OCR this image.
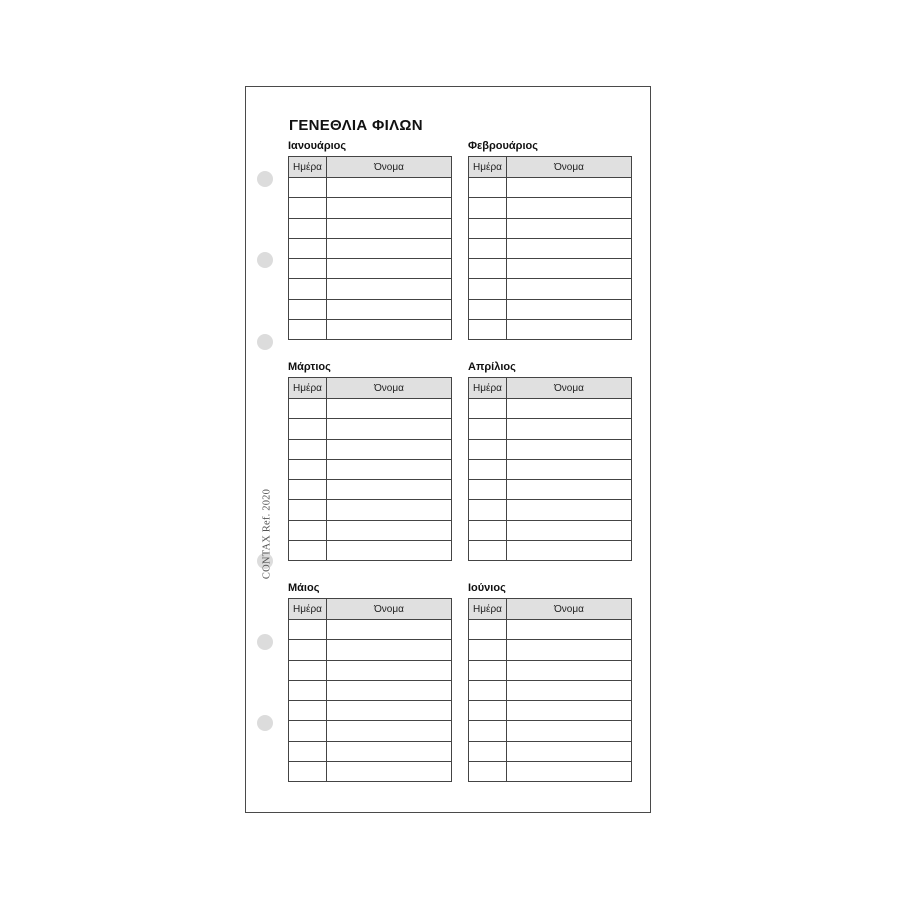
CONTAX Ref. 2020
ΓΕΝΕΘΛΙΑ ΦΙΛΩΝ
Ιανουάριος
Ημέρα	Όνομα

Φεβρουάριος
Ημέρα	Όνομα

Μάρτιος
Ημέρα	Όνομα

Απρίλιος
Ημέρα	Όνομα

Μάιος
Ημέρα	Όνομα

Ιούνιος
Ημέρα	Όνομα
